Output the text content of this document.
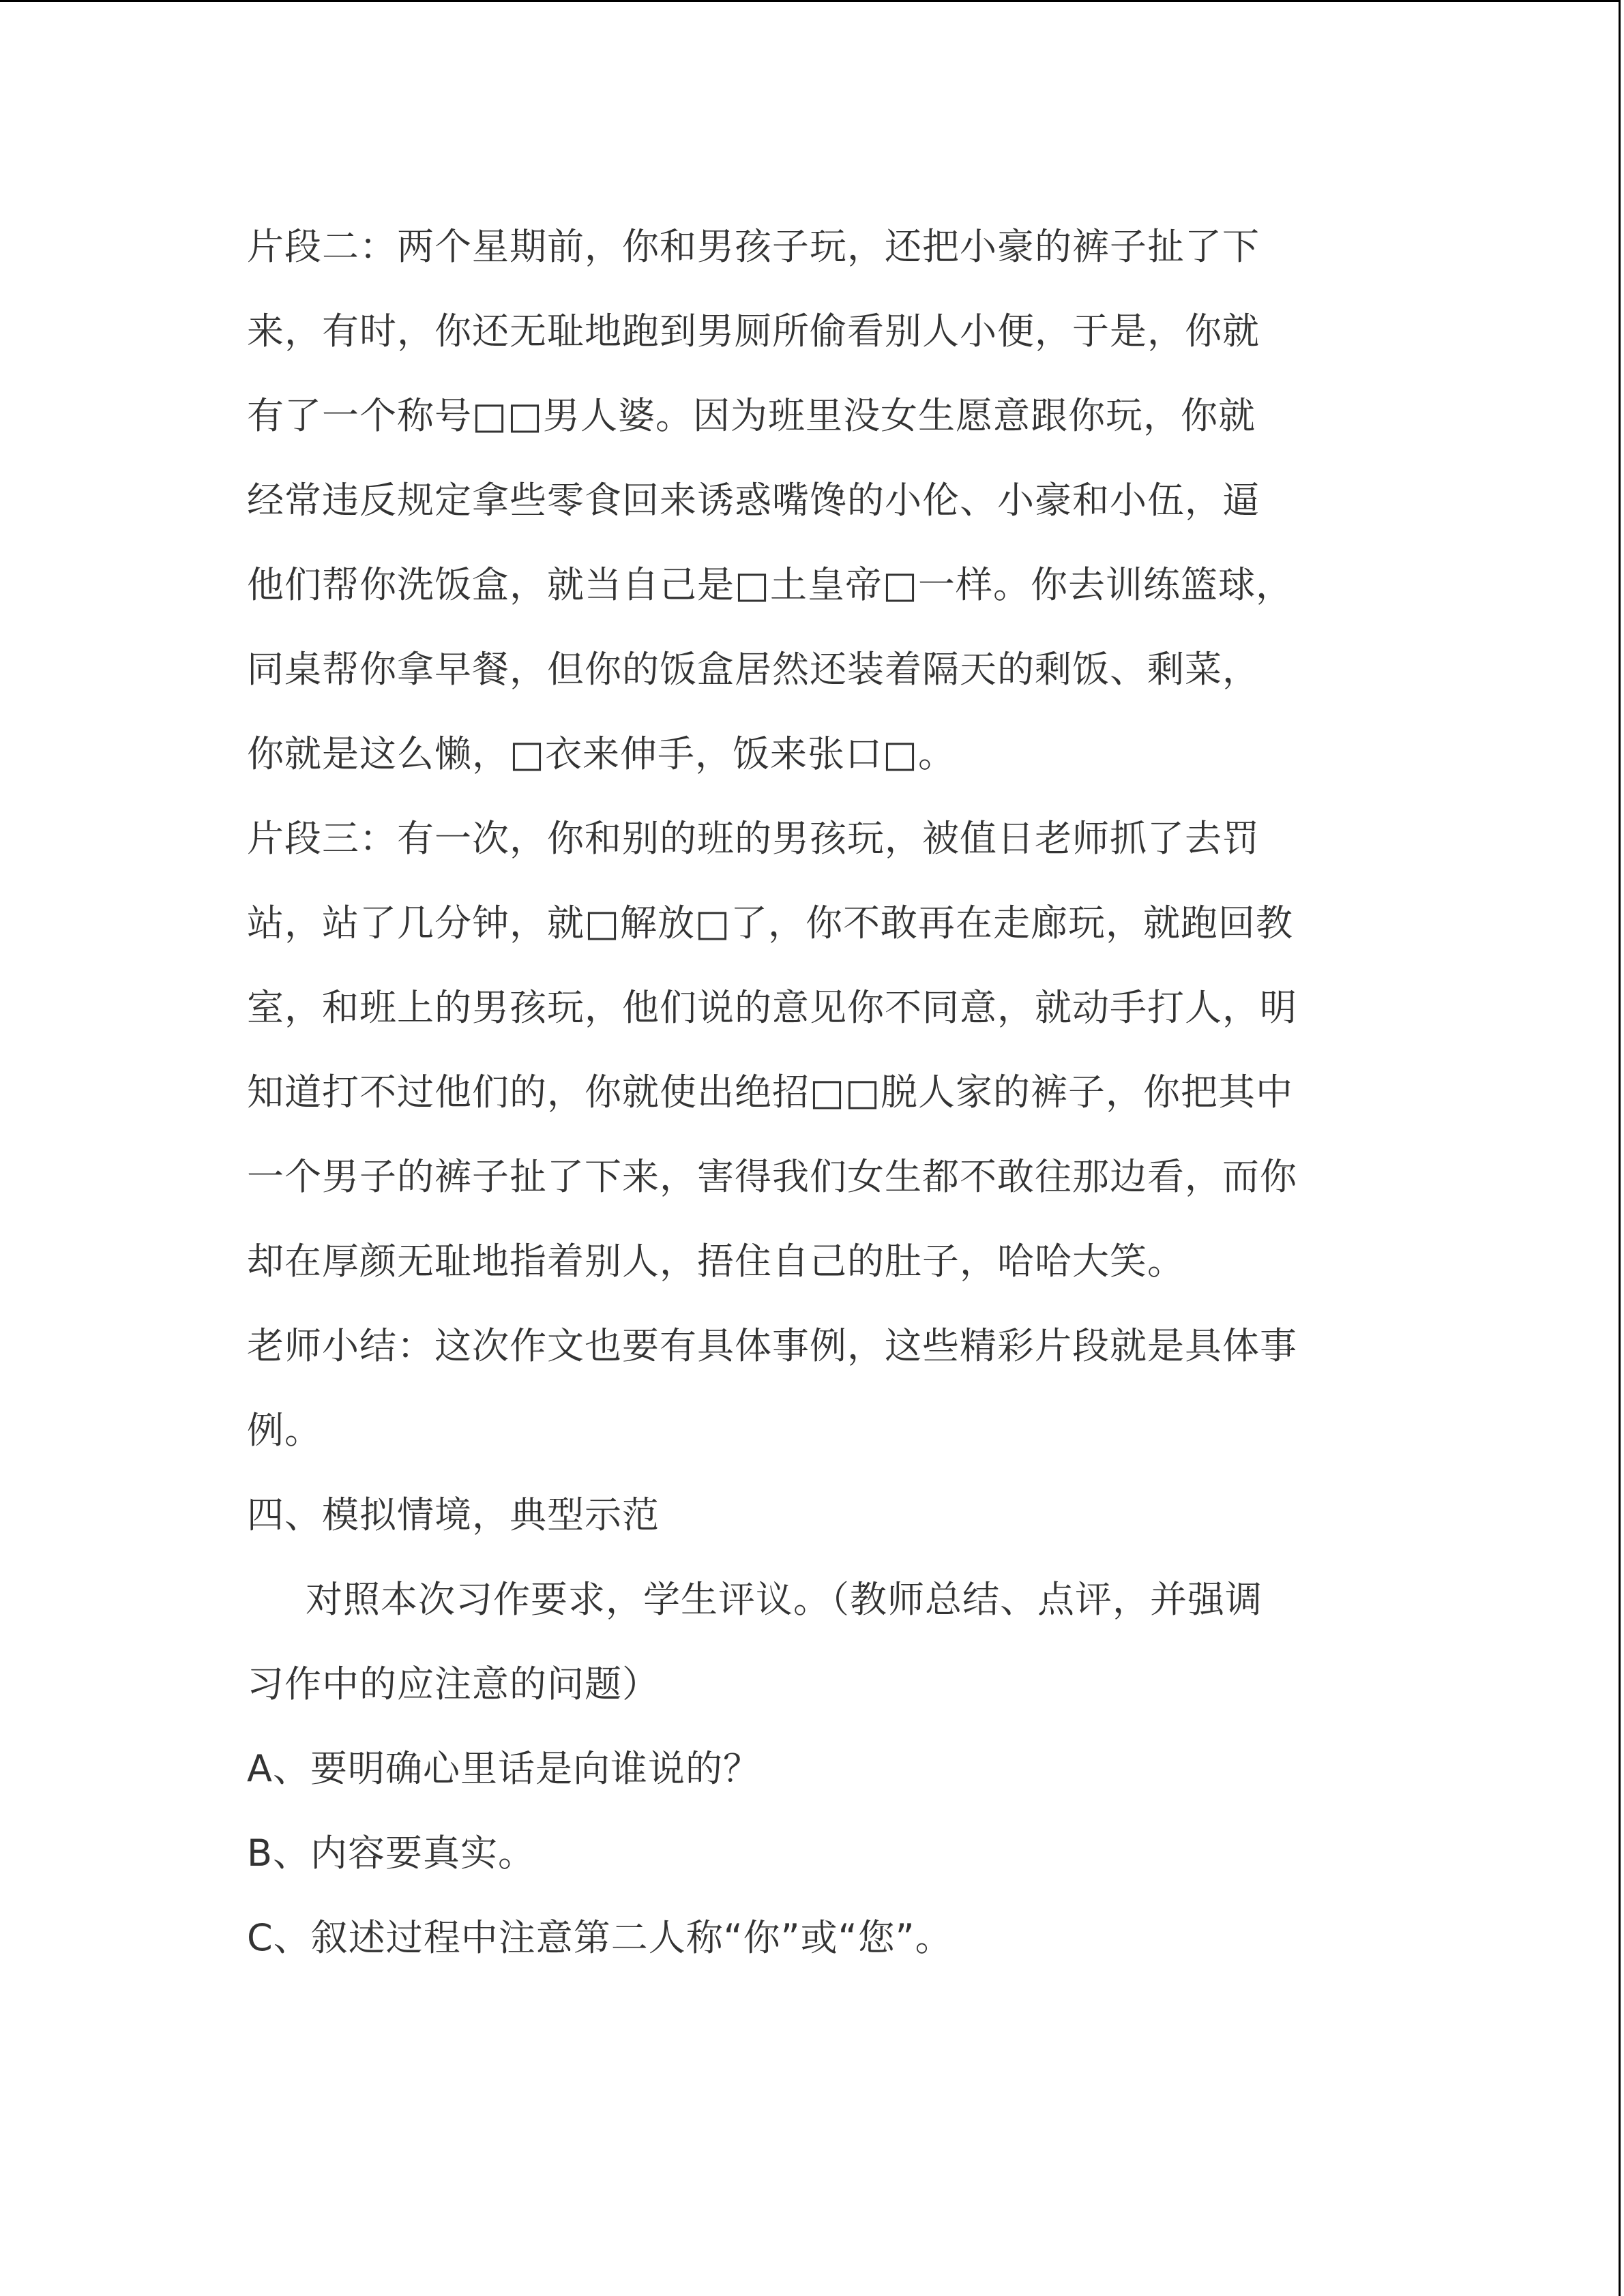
片段二：两个星期前，你和男孩子玩，还把小豪的裤子扯了下
来，有时，你还无耻地跑到男厕所偷看别人小便，于是，你就
有了一个称号□□男人婆。因为班里没女生愿意跟你玩，你就
经常违反规定拿些零食回来诱惑嘴馋的小伦、小豪和小伍，逼
他们帮你洗饭盒，就当自己是□土皇帝□一样。你去训练篮球，
同桌帮你拿早餐，但你的饭盒居然还装着隔天的剩饭、剩菜，
你就是这么懒，□衣来伸手，饭来张口□。
片段三：有一次，你和别的班的男孩玩，被值日老师抓了去罚
站，站了几分钟，就□解放□了，你不敢再在走廊玩，就跑回教
室，和班上的男孩玩，他们说的意见你不同意，就动手打人，明
知道打不过他们的，你就使出绝招□□脱人家的裤子，你把其中
一个男子的裤子扯了下来，害得我们女生都不敢往那边看，而你
却在厚颜无耻地指着别人，捂住自己的肚子，哈哈大笑。
老师小结：这次作文也要有具体事例，这些精彩片段就是具体事
例。
四、模拟情境，典型示范
对照本次习作要求，学生评议。（教师总结、点评，并强调
习作中的应注意的问题）
A、要明确心里话是向谁说的？
B、内容要真实。
C、叙述过程中注意第二人称“你”或“您”。
